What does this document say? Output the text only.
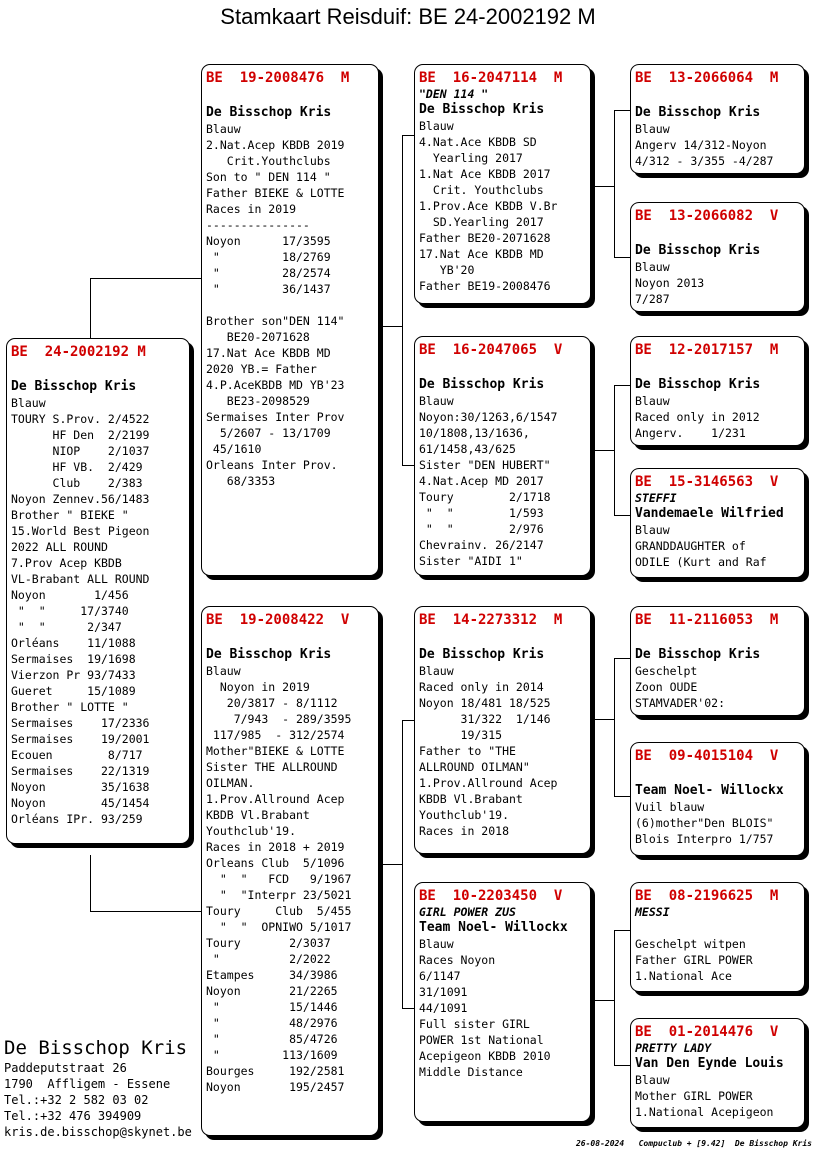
Stamkaart Reisduif: BE 24-2002192 M
BE  24-2002192 M
De Bisschop Kris
Blauw
TOURY S.Prov. 2/4522
HF Den  2/2199
NIOP    2/1037
HF VB.  2/429
Club    2/383
Noyon Zennev.56/1483
Brother " BIEKE "
15.World Best Pigeon
2022 ALL ROUND
7.Prov Acep KBDB
VL-Brabant ALL ROUND
Noyon       1/456
"  "     17/3740
"  "      2/347
Orléans    11/1088
Sermaises  19/1698
Vierzon Pr 93/7433
Gueret     15/1089
Brother " LOTTE "
Sermaises    17/2336
Sermaises    19/2001
Ecouen        8/717
Sermaises    22/1319
Noyon        35/1638
Noyon        45/1454
Orléans IPr. 93/259
BE  19-2008476  M
De Bisschop Kris
Blauw
2.Nat.Acep KBDB 2019
Crit.Youthclubs
Son to " DEN 114 "
Father BIEKE & LOTTE
Races in 2019
---------------
Noyon      17/3595
"         18/2769
"         28/2574
"         36/1437
Brother son"DEN 114"
BE20-2071628
17.Nat Ace KBDB MD
2020 YB.= Father
4.P.AceKBDB MD YB'23
BE23-2098529
Sermaises Inter Prov
5/2607 - 13/1709
45/1610
Orleans Inter Prov.
68/3353
BE  19-2008422  V
De Bisschop Kris
Blauw
Noyon in 2019
20/3817 - 8/1112
7/943  - 289/3595
117/985  - 312/2574
Mother"BIEKE & LOTTE
Sister THE ALLROUND
OILMAN.
1.Prov.Allround Acep
KBDB Vl.Brabant
Youthclub'19.
Races in 2018 + 2019
Orleans Club  5/1096
"  "   FCD   9/1967
"  "Interpr 23/5021
Toury     Club  5/455
"  "  OPNIWO 5/1017
Toury       2/3037
"          2/2022
Etampes     34/3986
Noyon       21/2265
"          15/1446
"          48/2976
"          85/4726
"         113/1609
Bourges     192/2581
Noyon       195/2457
BE  16-2047114  M
"DEN 114 "
De Bisschop Kris
Blauw
4.Nat.Ace KBDB SD
Yearling 2017
1.Nat Ace KBDB 2017
Crit. Youthclubs
1.Prov.Ace KBDB V.Br
SD.Yearling 2017
Father BE20-2071628
17.Nat Ace KBDB MD
YB'20
Father BE19-2008476
BE  16-2047065  V
De Bisschop Kris
Blauw
Noyon:30/1263,6/1547
10/1808,13/1636,
61/1458,43/625
Sister "DEN HUBERT"
4.Nat.Acep MD 2017
Toury        2/1718
"  "        1/593
"  "        2/976
Chevrainv. 26/2147
Sister "AIDI 1"
BE  14-2273312  M
De Bisschop Kris
Blauw
Raced only in 2014
Noyon 18/481 18/525
31/322  1/146
19/315
Father to "THE
ALLROUND OILMAN"
1.Prov.Allround Acep
KBDB Vl.Brabant
Youthclub'19.
Races in 2018
BE  10-2203450  V
GIRL POWER ZUS
Team Noel- Willockx
Blauw
Races Noyon
6/1147
31/1091
44/1091
Full sister GIRL
POWER 1st National
Acepigeon KBDB 2010
Middle Distance
BE  13-2066064  M
De Bisschop Kris
Blauw
Angerv 14/312-Noyon
4/312 - 3/355 -4/287
BE  13-2066082  V
De Bisschop Kris
Blauw
Noyon 2013
7/287
BE  12-2017157  M
De Bisschop Kris
Blauw
Raced only in 2012
Angerv.    1/231
BE  15-3146563  V
STEFFI
Vandemaele Wilfried
Blauw
GRANDDAUGHTER of
ODILE (Kurt and Raf
BE  11-2116053  M
De Bisschop Kris
Geschelpt
Zoon OUDE
STAMVADER'02:
BE  09-4015104  V
Team Noel- Willockx
Vuil blauw
(6)mother"Den BLOIS"
Blois Interpro 1/757
BE  08-2196625  M
MESSI
Geschelpt witpen
Father GIRL POWER
1.National Ace
BE  01-2014476  V
PRETTY LADY
Van Den Eynde Louis
Blauw
Mother GIRL POWER
1.National Acepigeon
De Bisschop Kris
Paddeputstraat 26
1790  Affligem - Essene
Tel.:+32 2 582 03 02
Tel.:+32 476 394909
kris.de.bisschop@skynet.be
26-08-2024   Compuclub + [9.42]  De Bisschop Kris
